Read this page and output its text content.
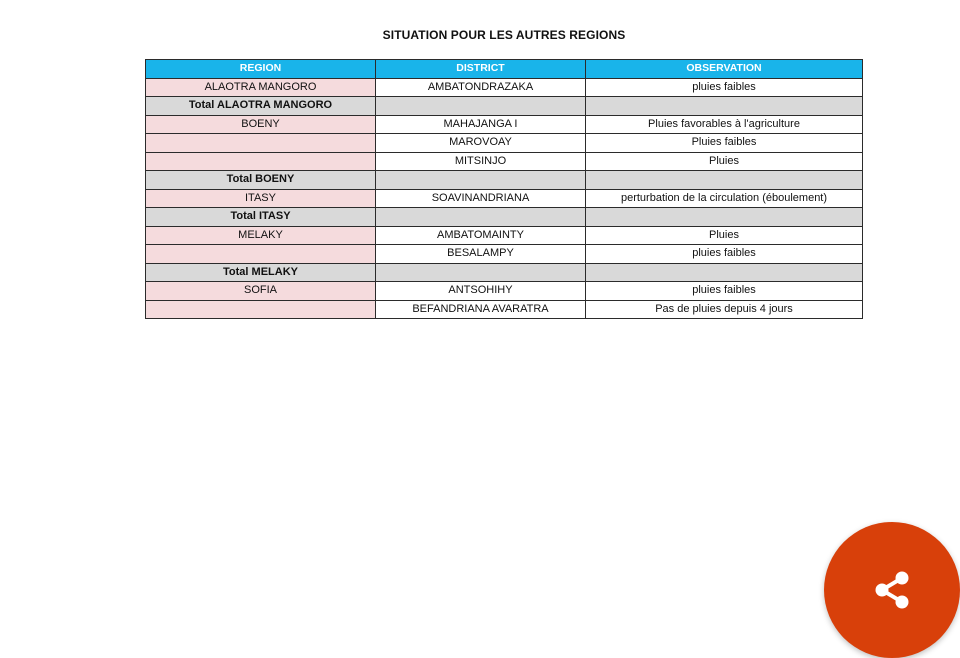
SITUATION POUR LES AUTRES REGIONS
REGION	DISTRICT	OBSERVATION
ALAOTRA MANGORO	AMBATONDRAZAKA	pluies faibles
Total ALAOTRA MANGORO		
BOENY	MAHAJANGA I	Pluies favorables à l'agriculture
	MAROVOAY	Pluies faibles
	MITSINJO	Pluies
Total BOENY		
ITASY	SOAVINANDRIANA	perturbation de la circulation (éboulement)
Total ITASY		
MELAKY	AMBATOMAINTY	Pluies
	BESALAMPY	pluies faibles
Total MELAKY		
SOFIA	ANTSOHIHY	pluies faibles
	BEFANDRIANA AVARATRA	Pas de pluies depuis 4 jours
